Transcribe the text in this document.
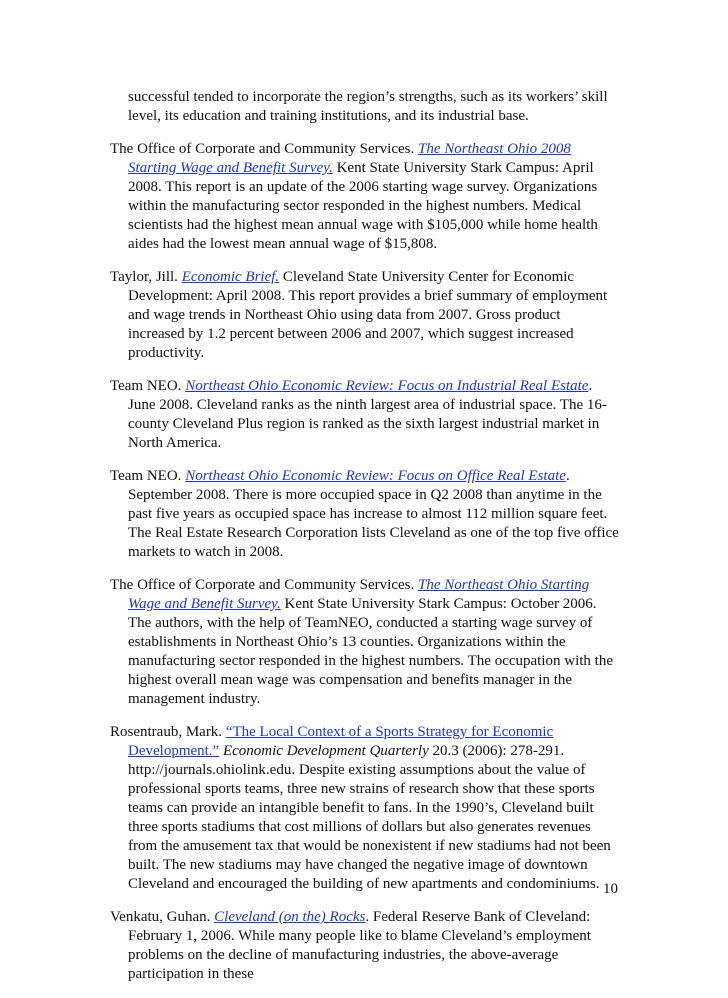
successful tended to incorporate the region’s strengths, such as its workers’ skill level, its education and training institutions, and its industrial base.

The Office of Corporate and Community Services. The Northeast Ohio 2008 Starting Wage and Benefit Survey. Kent State University Stark Campus: April 2008. This report is an update of the 2006 starting wage survey. Organizations within the manufacturing sector responded in the highest numbers. Medical scientists had the highest mean annual wage with $105,000 while home health aides had the lowest mean annual wage of $15,808.

Taylor, Jill. Economic Brief. Cleveland State University Center for Economic Development: April 2008. This report provides a brief summary of employment and wage trends in Northeast Ohio using data from 2007. Gross product increased by 1.2 percent between 2006 and 2007, which suggest increased productivity.

Team NEO. Northeast Ohio Economic Review: Focus on Industrial Real Estate. June 2008. Cleveland ranks as the ninth largest area of industrial space. The 16-county Cleveland Plus region is ranked as the sixth largest industrial market in North America.

Team NEO. Northeast Ohio Economic Review: Focus on Office Real Estate. September 2008. There is more occupied space in Q2 2008 than anytime in the past five years as occupied space has increase to almost 112 million square feet. The Real Estate Research Corporation lists Cleveland as one of the top five office markets to watch in 2008.

The Office of Corporate and Community Services. The Northeast Ohio Starting Wage and Benefit Survey. Kent State University Stark Campus: October 2006. The authors, with the help of TeamNEO, conducted a starting wage survey of establishments in Northeast Ohio’s 13 counties. Organizations within the manufacturing sector responded in the highest numbers. The occupation with the highest overall mean wage was compensation and benefits manager in the management industry.

Rosentraub, Mark. “The Local Context of a Sports Strategy for Economic Development.” Economic Development Quarterly 20.3 (2006): 278-291. http://journals.ohiolink.edu. Despite existing assumptions about the value of professional sports teams, three new strains of research show that these sports teams can provide an intangible benefit to fans. In the 1990’s, Cleveland built three sports stadiums that cost millions of dollars but also generates revenues from the amusement tax that would be nonexistent if new stadiums had not been built. The new stadiums may have changed the negative image of downtown Cleveland and encouraged the building of new apartments and condominiums.

Venkatu, Guhan. Cleveland (on the) Rocks. Federal Reserve Bank of Cleveland: February 1, 2006. While many people like to blame Cleveland’s employment problems on the decline of manufacturing industries, the above-average participation in these

10
